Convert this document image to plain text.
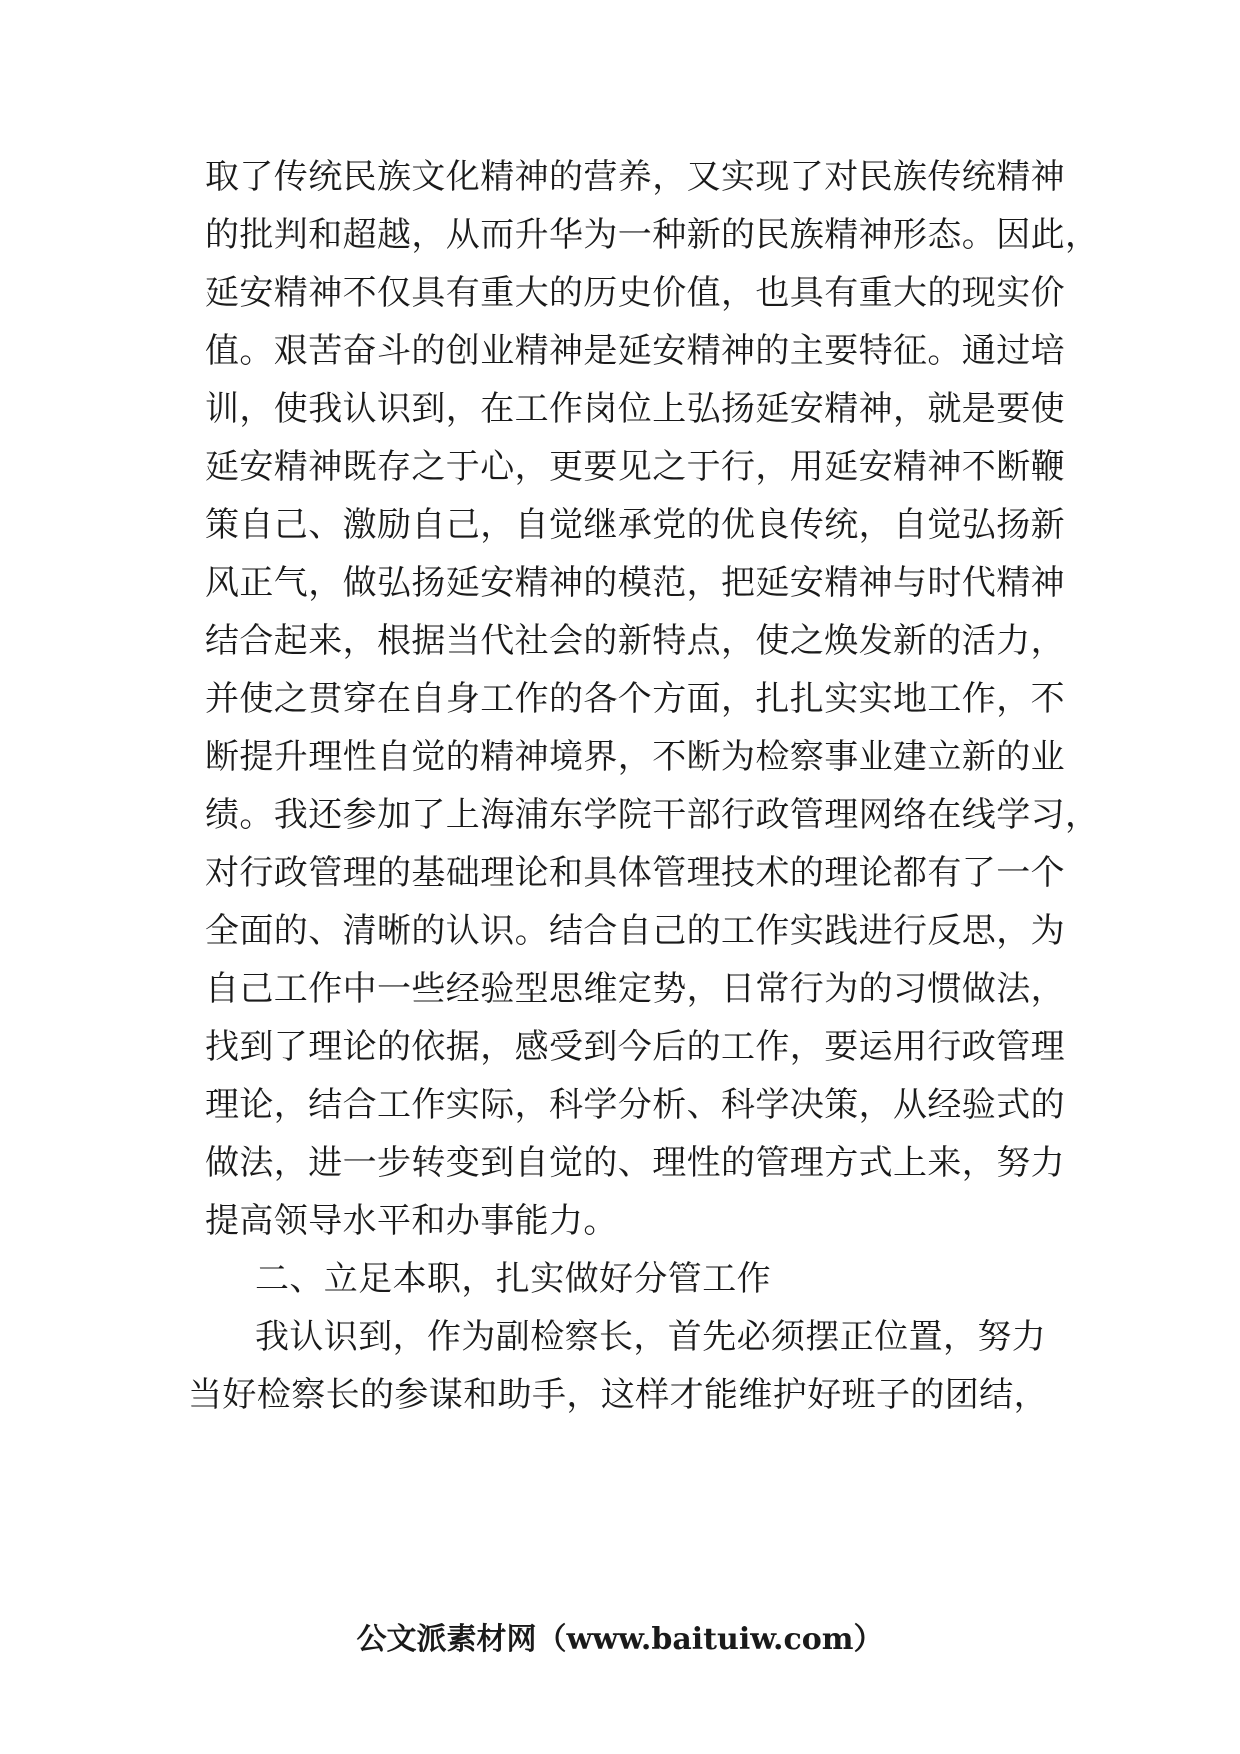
取了传统民族文化精神的营养，又实现了对民族传统精神
的批判和超越，从而升华为一种新的民族精神形态。因此，
延安精神不仅具有重大的历史价值，也具有重大的现实价
值。艰苦奋斗的创业精神是延安精神的主要特征。通过培
训，使我认识到，在工作岗位上弘扬延安精神，就是要使
延安精神既存之于心，更要见之于行，用延安精神不断鞭
策自己、激励自己，自觉继承党的优良传统，自觉弘扬新
风正气，做弘扬延安精神的模范，把延安精神与时代精神
结合起来，根据当代社会的新特点，使之焕发新的活力，
并使之贯穿在自身工作的各个方面，扎扎实实地工作，不
断提升理性自觉的精神境界，不断为检察事业建立新的业
绩。我还参加了上海浦东学院干部行政管理网络在线学习，
对行政管理的基础理论和具体管理技术的理论都有了一个
全面的、清晰的认识。结合自己的工作实践进行反思，为
自己工作中一些经验型思维定势，日常行为的习惯做法，
找到了理论的依据，感受到今后的工作，要运用行政管理
理论，结合工作实际，科学分析、科学决策，从经验式的
做法，进一步转变到自觉的、理性的管理方式上来，努力
提高领导水平和办事能力。
二、立足本职，扎实做好分管工作
我认识到，作为副检察长，首先必须摆正位置，努力
当好检察长的参谋和助手，这样才能维护好班子的团结，
公文派素材网（www.baituiw.com）
